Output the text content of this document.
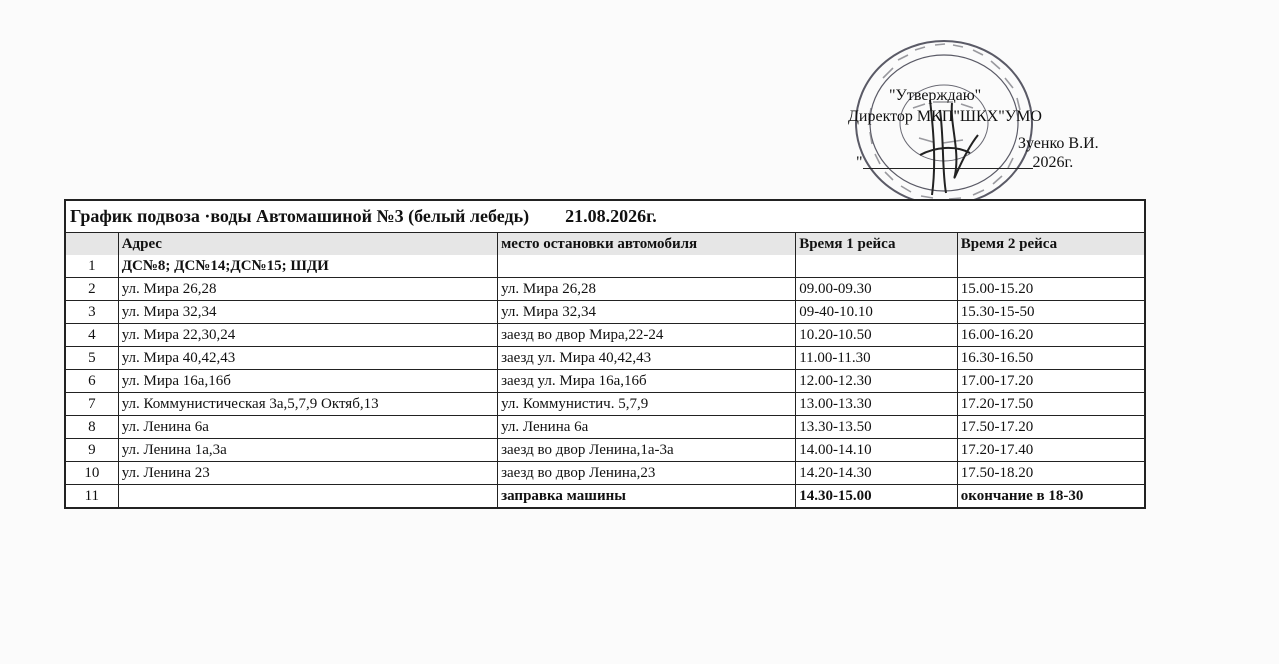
"Утверждаю"
Директор МКП"ШКХ"УМО
Зуенко В.И.
"	2026г.
График подвоза ·воды Автомашиной №3 (белый лебедь) 21.08.2026г.
	Адрес	место остановки автомобиля	Время 1 рейса	Время 2 рейса
1	ДС№8; ДС№14;ДС№15; ШДИ			
2	ул. Мира 26,28	ул. Мира 26,28	09.00-09.30	15.00-15.20
3	ул. Мира 32,34	ул. Мира 32,34	09-40-10.10	15.30-15-50
4	ул. Мира 22,30,24	заезд во двор Мира,22-24	10.20-10.50	16.00-16.20
5	ул. Мира 40,42,43	заезд ул. Мира 40,42,43	11.00-11.30	16.30-16.50
6	ул. Мира 16а,16б	заезд ул. Мира 16а,16б	12.00-12.30	17.00-17.20
7	ул. Коммунистическая 3а,5,7,9 Октяб,13	ул. Коммунистич. 5,7,9	13.00-13.30	17.20-17.50
8	ул. Ленина 6а	ул. Ленина 6а	13.30-13.50	17.50-17.20
9	ул. Ленина 1а,3а	заезд во двор Ленина,1а-3а	14.00-14.10	17.20-17.40
10	ул. Ленина 23	заезд во двор Ленина,23	14.20-14.30	17.50-18.20
11		заправка машины	14.30-15.00	окончание в 18-30
